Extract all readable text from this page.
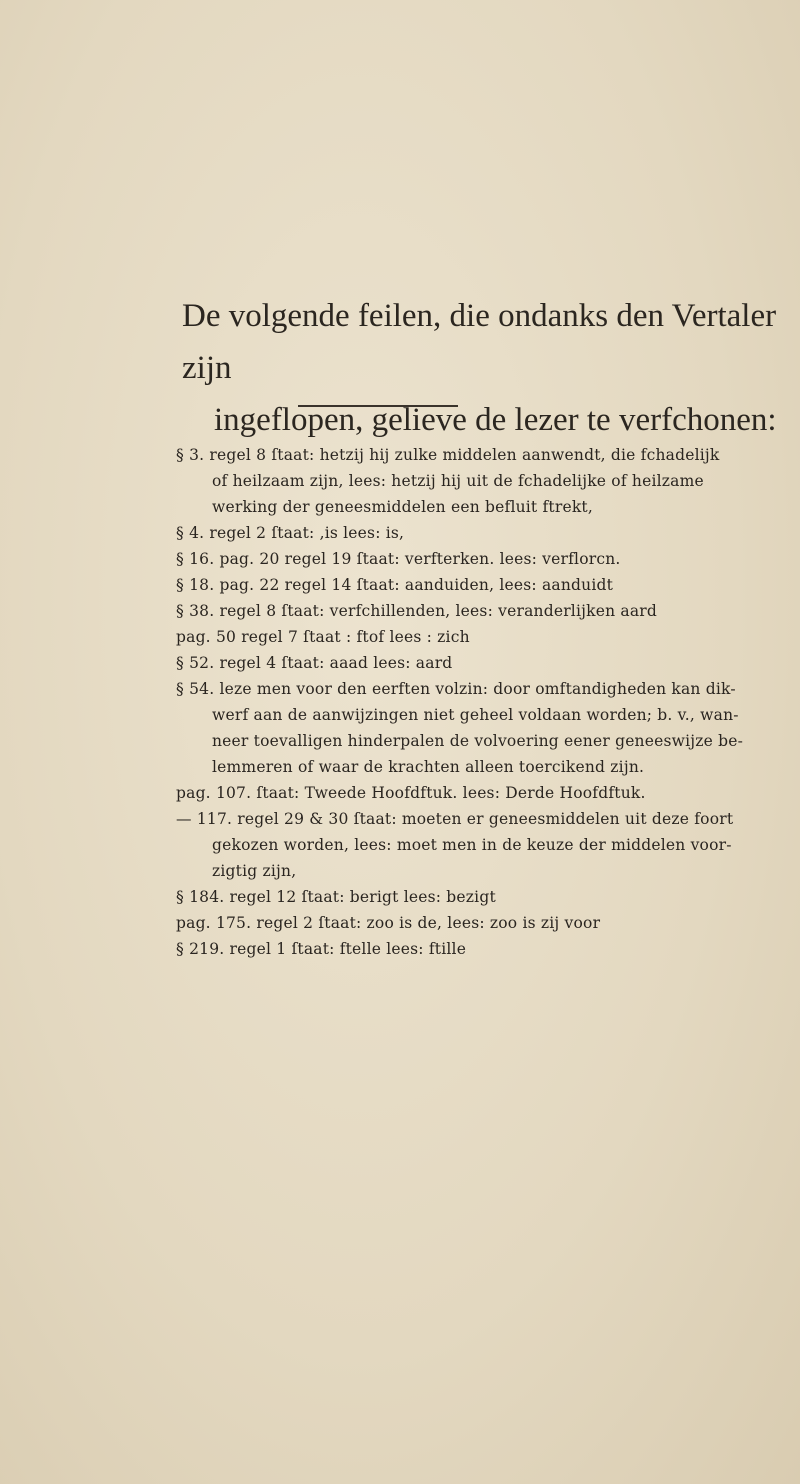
De volgende feilen, die ondanks den Vertaler zijn
ingeflopen, gelieve de lezer te verfchonen:
§ 3. regel 8 ſtaat: hetzij hij zulke middelen aanwendt, die fchadelijk
of heilzaam zijn, lees: hetzij hij uit de fchadelijke of heilzame
werking der geneesmiddelen een befluit ftrekt,
§ 4. regel 2 ſtaat: ,is lees: is,
§ 16. pag. 20 regel 19 ſtaat: verfterken. lees: verflorcn.
§ 18. pag. 22 regel 14 ſtaat: aanduiden, lees: aanduidt
§ 38. regel 8 ſtaat: verfchillenden, lees: veranderlijken aard
pag. 50 regel 7 ſtaat : ftof lees : zich
§ 52. regel 4 ſtaat: aaad lees: aard
§ 54. leze men voor den eerften volzin: door omftandigheden kan dik-
werf aan de aanwijzingen niet geheel voldaan worden; b. v., wan-
neer toevalligen hinderpalen de volvoering eener geneeswijze be-
lemmeren of waar de krachten alleen toercikend zijn.
pag. 107. ſtaat: Tweede Hoofdftuk. lees: Derde Hoofdftuk.
— 117. regel 29 & 30 ſtaat: moeten er geneesmiddelen uit deze foort
gekozen worden, lees: moet men in de keuze der middelen voor-
zigtig zijn,
§ 184. regel 12 ſtaat: berigt lees: bezigt
pag. 175. regel 2 ſtaat: zoo is de, lees: zoo is zij voor
§ 219. regel 1 ſtaat: ftelle lees: ftille
